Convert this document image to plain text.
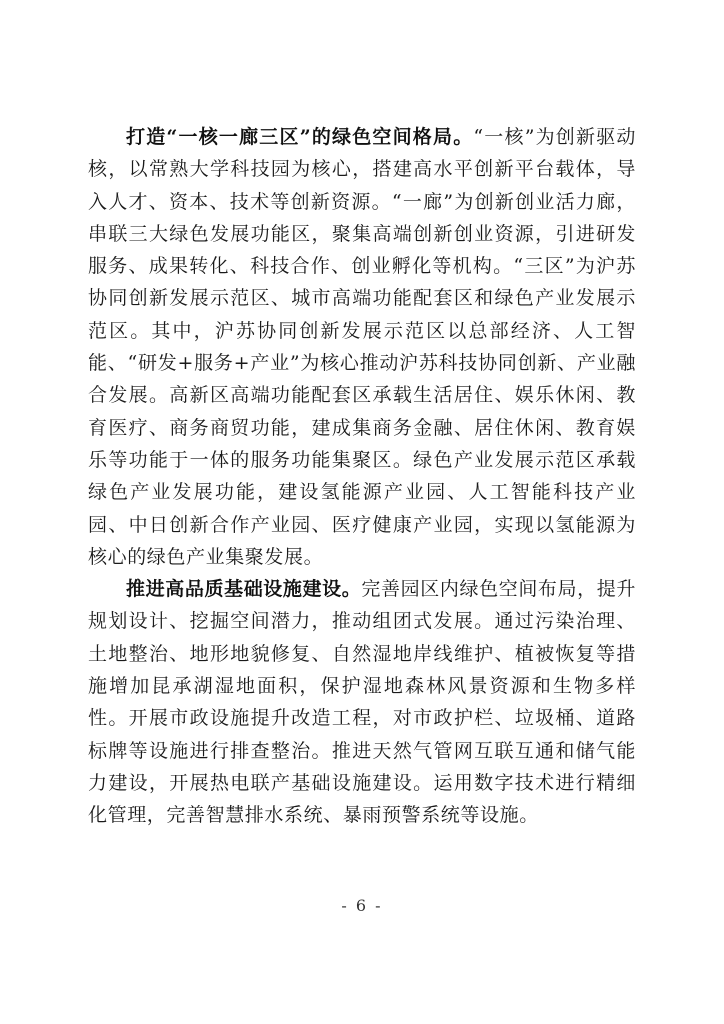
打造“一核一廊三区”的绿色空间格局。“一核”为创新驱动核，以常熟大学科技园为核心，搭建高水平创新平台载体，导入人才、资本、技术等创新资源。“一廊”为创新创业活力廊，串联三大绿色发展功能区，聚集高端创新创业资源，引进研发服务、成果转化、科技合作、创业孵化等机构。“三区”为沪苏协同创新发展示范区、城市高端功能配套区和绿色产业发展示范区。其中，沪苏协同创新发展示范区以总部经济、人工智能、“研发+服务+产业”为核心推动沪苏科技协同创新、产业融合发展。高新区高端功能配套区承载生活居住、娱乐休闲、教育医疗、商务商贸功能，建成集商务金融、居住休闲、教育娱乐等功能于一体的服务功能集聚区。绿色产业发展示范区承载绿色产业发展功能，建设氢能源产业园、人工智能科技产业园、中日创新合作产业园、医疗健康产业园，实现以氢能源为核心的绿色产业集聚发展。

推进高品质基础设施建设。完善园区内绿色空间布局，提升规划设计、挖掘空间潜力，推动组团式发展。通过污染治理、土地整治、地形地貌修复、自然湿地岸线维护、植被恢复等措施增加昆承湖湿地面积，保护湿地森林风景资源和生物多样性。开展市政设施提升改造工程，对市政护栏、垃圾桶、道路标牌等设施进行排查整治。推进天然气管网互联互通和储气能力建设，开展热电联产基础设施建设。运用数字技术进行精细化管理，完善智慧排水系统、暴雨预警系统等设施。

- 6 -
